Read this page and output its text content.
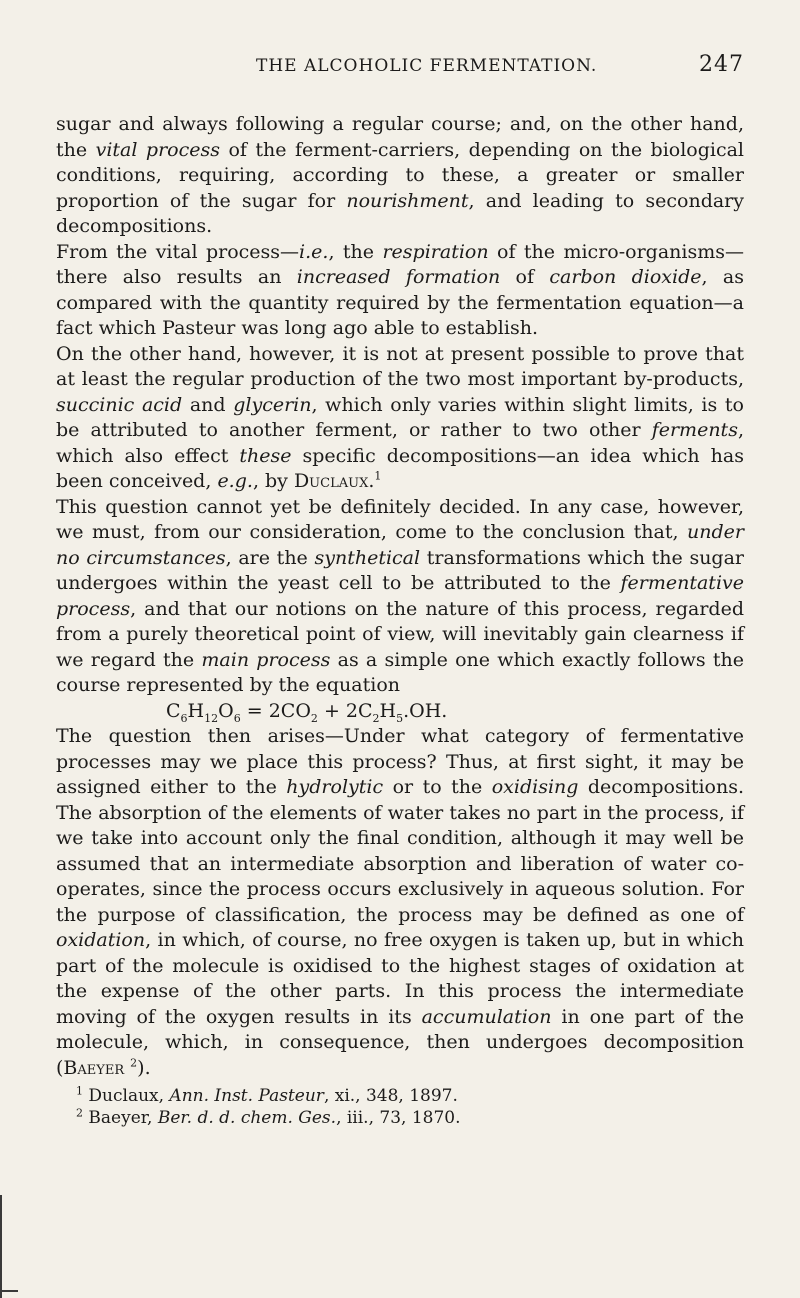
THE ALCOHOLIC FERMENTATION.	247

sugar and always following a regular course; and, on the other hand, the vital process of the ferment-carriers, depending on the biological conditions, requiring, according to these, a greater or smaller proportion of the sugar for nourishment, and leading to secondary decompositions.

From the vital process—i.e., the respiration of the micro-organisms—there also results an increased formation of carbon dioxide, as compared with the quantity required by the fermentation equation—a fact which Pasteur was long ago able to establish.

On the other hand, however, it is not at present possible to prove that at least the regular production of the two most important by-products, succinic acid and glycerin, which only varies within slight limits, is to be attributed to another ferment, or rather to two other ferments, which also effect these specific decompositions—an idea which has been conceived, e.g., by Duclaux.$^1$

This question cannot yet be definitely decided. In any case, however, we must, from our consideration, come to the conclusion that, under no circumstances, are the synthetical transformations which the sugar undergoes within the yeast cell to be attributed to the fermentative process, and that our notions on the nature of this process, regarded from a purely theoretical point of view, will inevitably gain clearness if we regard the main process as a simple one which exactly follows the course represented by the equation

$C_6H_{12}O_6 = 2CO_2 + 2C_2H_5.OH$.

The question then arises—Under what category of fermentative processes may we place this process? Thus, at first sight, it may be assigned either to the hydrolytic or to the oxidising decompositions. The absorption of the elements of water takes no part in the process, if we take into account only the final condition, although it may well be assumed that an intermediate absorption and liberation of water co-operates, since the process occurs exclusively in aqueous solution. For the purpose of classification, the process may be defined as one of oxidation, in which, of course, no free oxygen is taken up, but in which part of the molecule is oxidised to the highest stages of oxidation at the expense of the other parts. In this process the intermediate moving of the oxygen results in its accumulation in one part of the molecule, which, in consequence, then undergoes decomposition (Baeyer $^2$).

$^1$ Duclaux, Ann. Inst. Pasteur, xi., 348, 1897.
$^2$ Baeyer, Ber. d. d. chem. Ges., iii., 73, 1870.
